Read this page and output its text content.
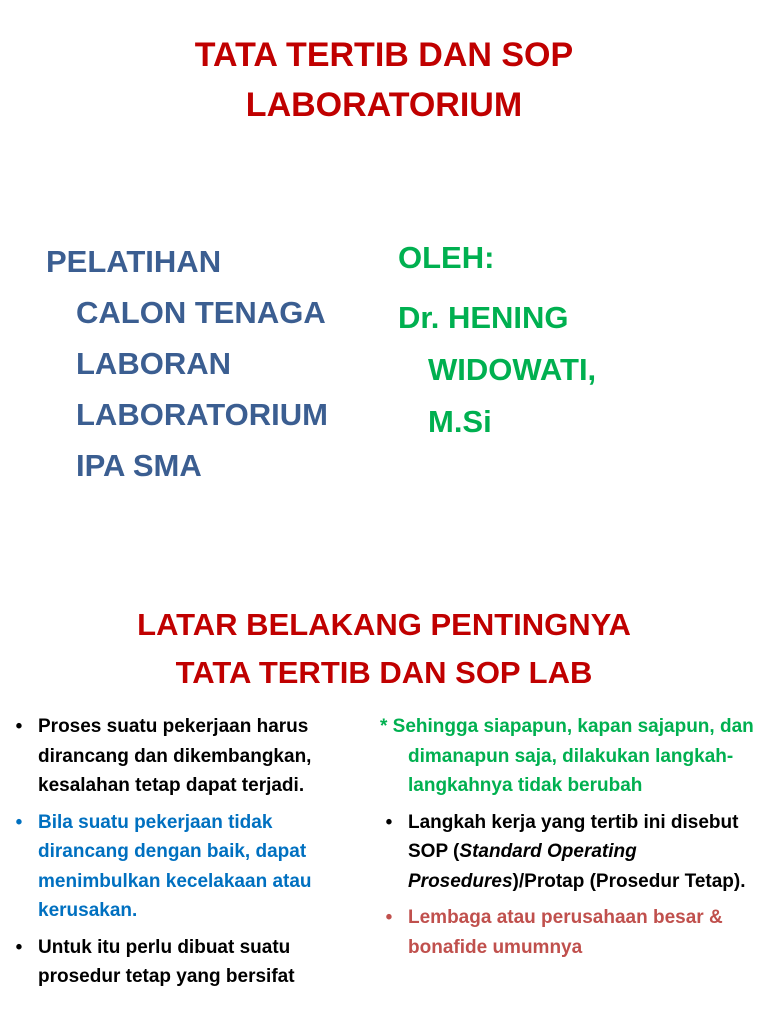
TATA TERTIB DAN SOP
LABORATORIUM
PELATIHAN
CALON TENAGA
LABORAN
LABORATORIUM
IPA SMA
OLEH:
Dr. HENING
WIDOWATI,
M.Si
LATAR BELAKANG PENTINGNYA
TATA TERTIB DAN SOP LAB
• Proses suatu pekerjaan harus dirancang dan dikembangkan, kesalahan tetap dapat terjadi.
• Bila suatu pekerjaan tidak dirancang dengan baik, dapat menimbulkan kecelakaan atau kerusakan.
• Untuk itu perlu dibuat suatu prosedur tetap yang bersifat
* Sehingga siapapun, kapan sajapun, dan dimanapun saja, dilakukan langkah-langkahnya tidak berubah
• Langkah kerja yang tertib ini disebut SOP (Standard Operating Prosedures)/Protap (Prosedur Tetap).
• Lembaga atau perusahaan besar & bonafide umumnya
